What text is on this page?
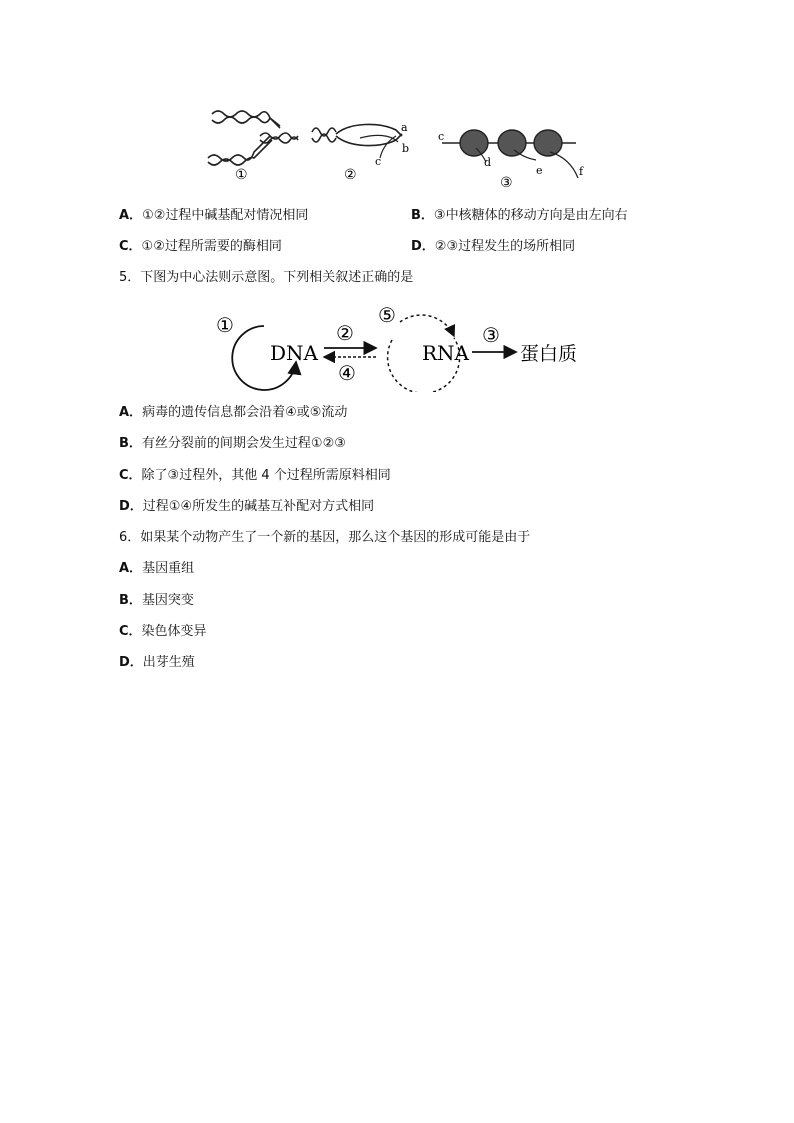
①
a
b
c
②
c
d
e	f
③
A．①②过程中碱基配对情况相同	B．③中核糖体的移动方向是由左向右
C．①②过程所需要的酶相同	D．②③过程发生的场所相同
5．下图为中心法则示意图。下列相关叙述正确的是
①
DNA
②
④
⑤
RNA
③
蛋白质
A．病毒的遗传信息都会沿着④或⑤流动
B．有丝分裂前的间期会发生过程①②③
C．除了③过程外，其他 4 个过程所需原料相同
D．过程①④所发生的碱基互补配对方式相同
6．如果某个动物产生了一个新的基因，那么这个基因的形成可能是由于
A．基因重组
B．基因突变
C．染色体变异
D．出芽生殖
